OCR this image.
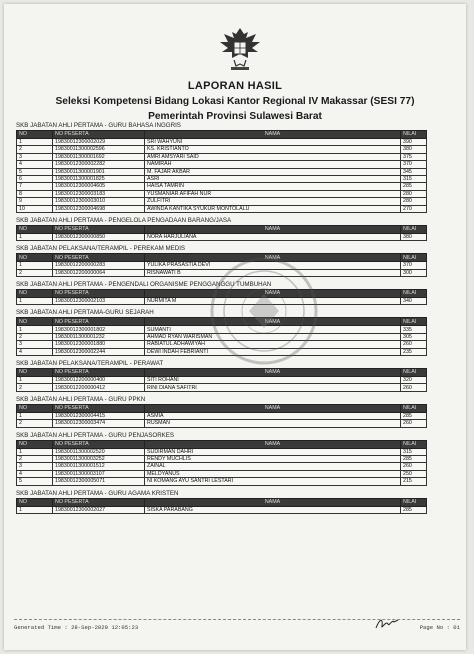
LAPORAN HASIL
Seleksi Kompetensi Bidang Lokasi Kantor Regional IV Makassar (SESI 77)
Pemerintah Provinsi Sulawesi Barat
SKB JABATAN AHLI PERTAMA - GURU BAHASA INGGRIS
NO	NO PESERTA	NAMA	NILAI
1	19830012300002029	SRI WAHYUNI	390
2	19830011300002596	KS. KRISTIANTO	380
3	19830011300001692	AMRI AMSYARI SAID	375
4	19830012300002282	NAMIRAH	370
5	19830011300001901	M. FAJAR AKBAR	345
6	19830011300001825	ASRI	315
7	19830012300004605	HAISA TAMRIN	285
8	19830012300003183	YUSMANIAR AFIFAH NUR	280
9	19830012300003010	ZULFITRI	280
10	19830012300004698	AWINDA KANTIKA SYUKUR MONTOLALU	270
SKB JABATAN AHLI PERTAMA - PENGELOLA PENGADAAN BARANG/JASA
NO	NO PESERTA	NAMA	NILAI
1	19830012300000850	NORA HARJULIANA	380
SKB JABATAN PELAKSANA/TERAMPIL - PEREKAM MEDIS
NO	NO PESERTA	NAMA	NILAI
1	19830012200000283	YULIKA PRASASTIA DEVI	370
2	19830012200000064	RISNAWATI B	300
SKB JABATAN AHLI PERTAMA - PENGENDALI ORGANISME PENGGANGGU TUMBUHAN
NO	NO PESERTA	NAMA	NILAI
1	19830012300002103	NURMITA M	340
SKB JABATAN AHLI PERTAMA-GURU SEJARAH
NO	NO PESERTA	NAMA	NILAI
1	19830012300001802	SUMANTI	335
2	19830011300001232	AHMAD RYAN WARISMAN	305
3	19830012300001880	RABIATUL ADHAWIYAH	260
4	19830012300002244	DEWI INDAH FEBRIANTI	235
SKB JABATAN PELAKSANA/TERAMPIL - PERAWAT
NO	NO PESERTA	NAMA	NILAI
1	19830012200000400	SITI ROHANI	320
2	19830012200000412	RINI DIANA SAFITRI	260
SKB JABATAN AHLI PERTAMA - GURU PPKN
NO	NO PESERTA	NAMA	NILAI
1	19830012300004415	ASMIA	285
2	19830012300003474	RUSMAN	260
SKB JABATAN AHLI PERTAMA - GURU PENJASORKES
NO	NO PESERTA	NAMA	NILAI
1	19830011300002520	SUDIRMAN DAHRI	315
2	19830011300003252	RENDY MUCHLIS	285
3	19830011300001512	ZAINAL	260
4	19830011300003107	MELDYANUS	250
5	19830012300005071	NI KOMANG AYU SANTRI LESTARI	215
SKB JABATAN AHLI PERTAMA - GURU AGAMA KRISTEN
NO	NO PESERTA	NAMA	NILAI
1	19830012300002027	SISKA PARABANG	285
Generated Time : 28-Sep-2020 12:05:23	Page No : 01
